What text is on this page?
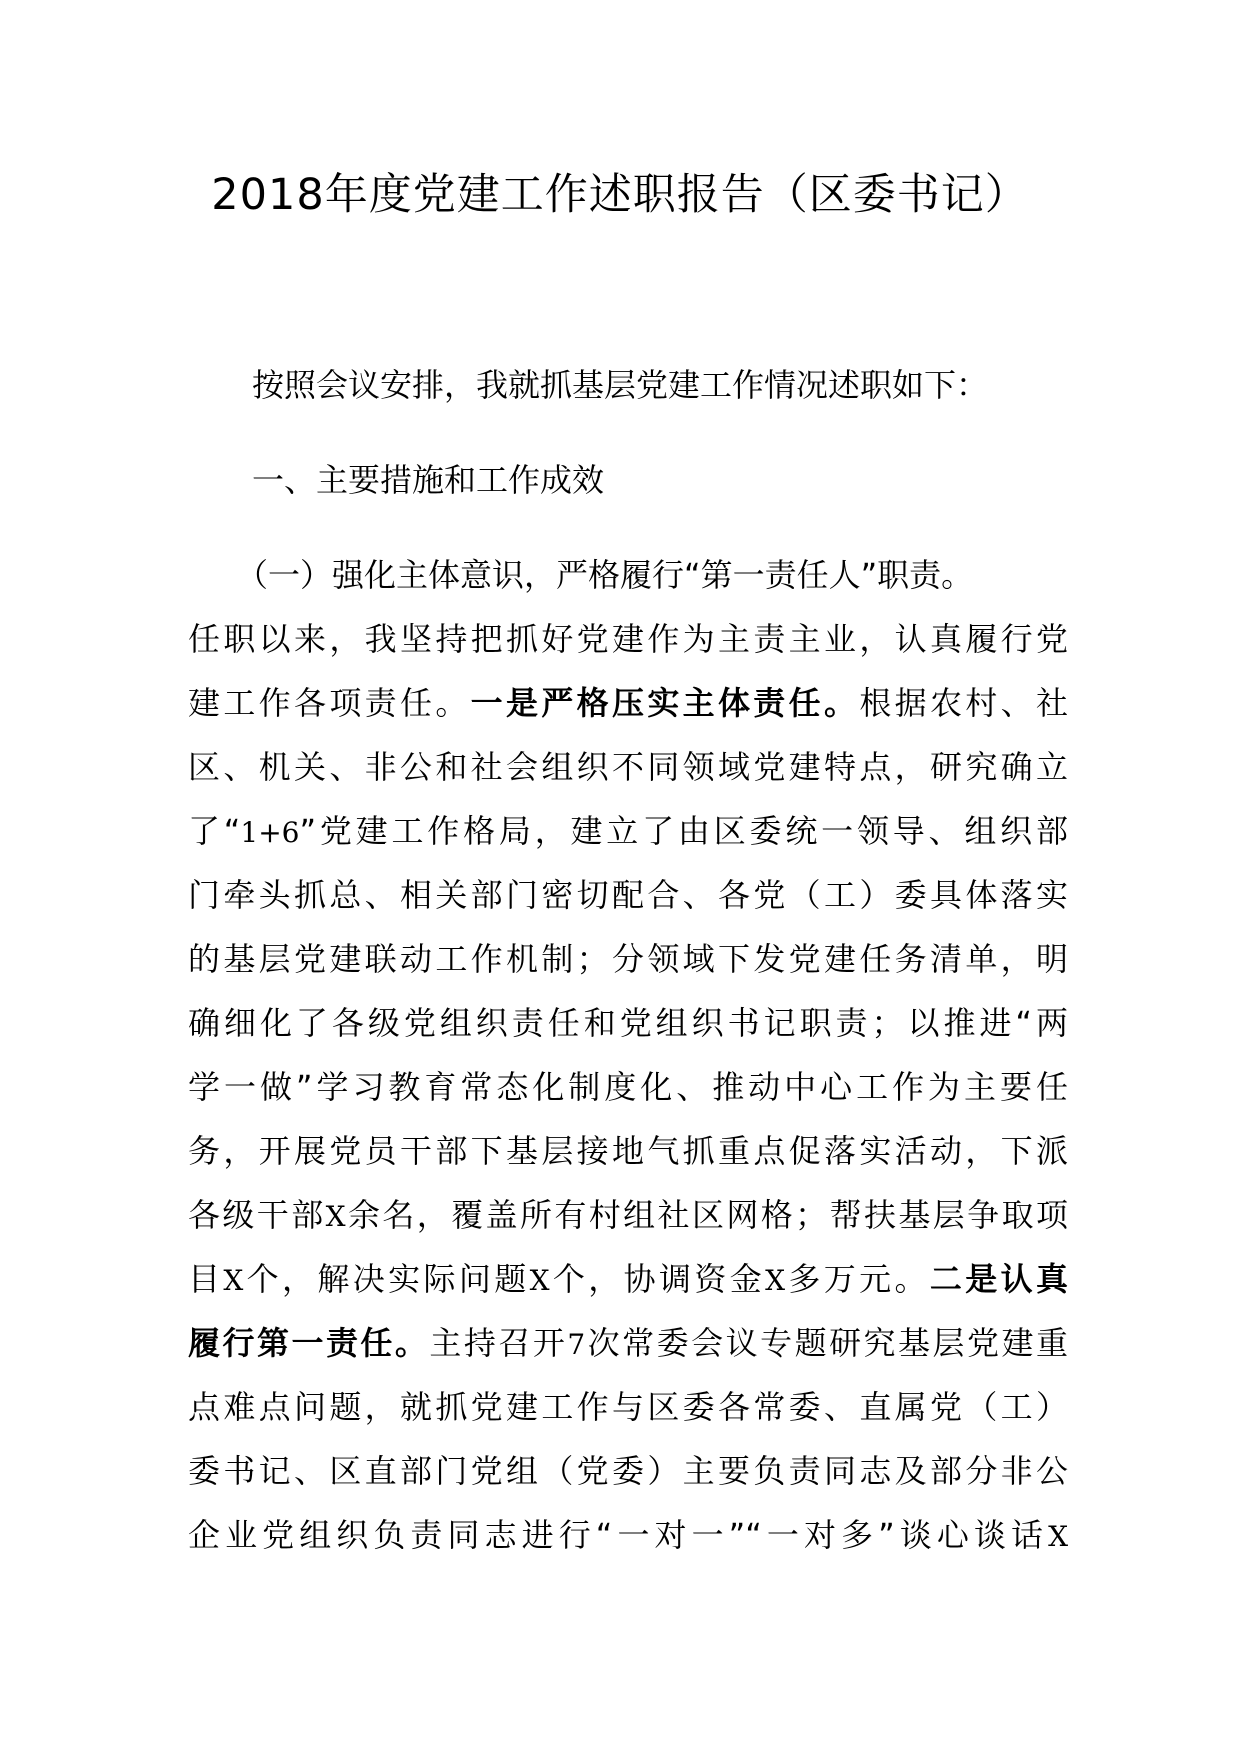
2018年度党建工作述职报告（区委书记）
按照会议安排，我就抓基层党建工作情况述职如下：
一、主要措施和工作成效
（一）强化主体意识，严格履行“第一责任人”职责。
任职以来，我坚持把抓好党建作为主责主业，认真履行党
建工作各项责任。一是严格压实主体责任。根据农村、社
区、机关、非公和社会组织不同领域党建特点，研究确立
了“1+6”党建工作格局，建立了由区委统一领导、组织部
门牵头抓总、相关部门密切配合、各党（工）委具体落实
的基层党建联动工作机制；分领域下发党建任务清单，明
确细化了各级党组织责任和党组织书记职责；以推进“两
学一做”学习教育常态化制度化、推动中心工作为主要任
务，开展党员干部下基层接地气抓重点促落实活动，下派
各级干部X余名，覆盖所有村组社区网格；帮扶基层争取项
目X个，解决实际问题X个，协调资金X多万元。二是认真
履行第一责任。主持召开7次常委会议专题研究基层党建重
点难点问题，就抓党建工作与区委各常委、直属党（工）
委书记、区直部门党组（党委）主要负责同志及部分非公
企业党组织负责同志进行“一对一”“一对多”谈心谈话X
